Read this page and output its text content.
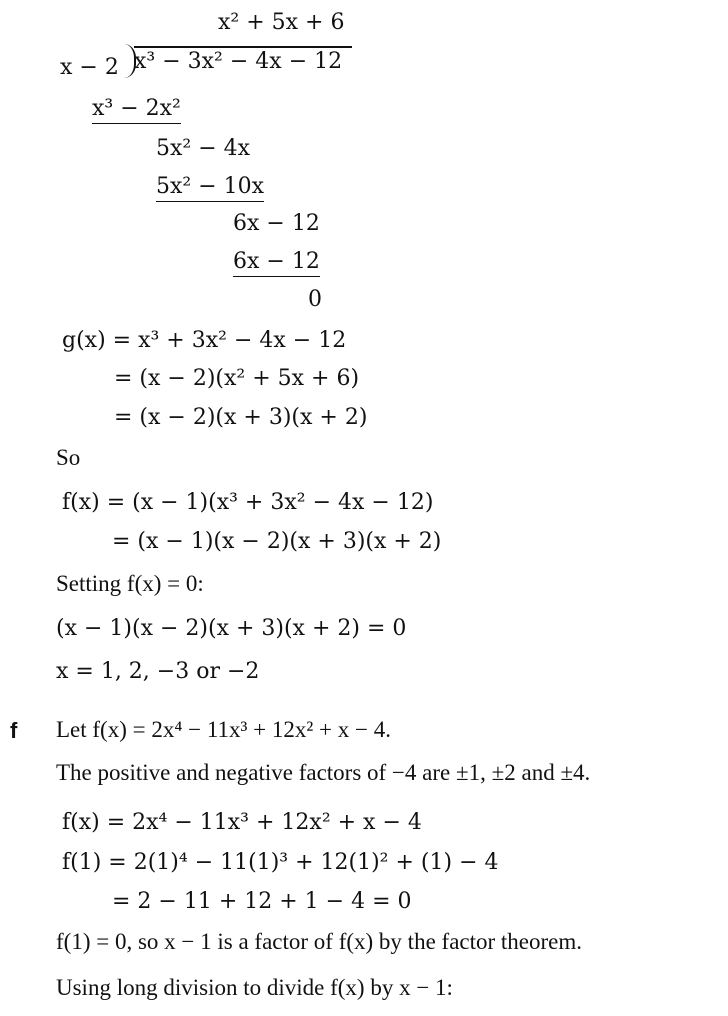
x² + 5x + 6
x − 2 x³ − 3x² − 4x − 12
x³ − 2x²
5x² − 4x
5x² − 10x
6x − 12
6x − 12
0
g(x) = x³ + 3x² − 4x − 12
= (x − 2)(x² + 5x + 6)
= (x − 2)(x + 3)(x + 2)
So
f(x) = (x − 1)(x³ + 3x² − 4x − 12)
= (x − 1)(x − 2)(x + 3)(x + 2)
Setting f(x) = 0:
(x − 1)(x − 2)(x + 3)(x + 2) = 0
x = 1, 2, −3 or −2
f Let f(x) = 2x⁴ − 11x³ + 12x² + x − 4.
The positive and negative factors of −4 are ±1, ±2 and ±4.
f(x) = 2x⁴ − 11x³ + 12x² + x − 4
f(1) = 2(1)⁴ − 11(1)³ + 12(1)² + (1) − 4
= 2 − 11 + 12 + 1 − 4 = 0
f(1) = 0, so x − 1 is a factor of f(x) by the factor theorem.
Using long division to divide f(x) by x − 1:
